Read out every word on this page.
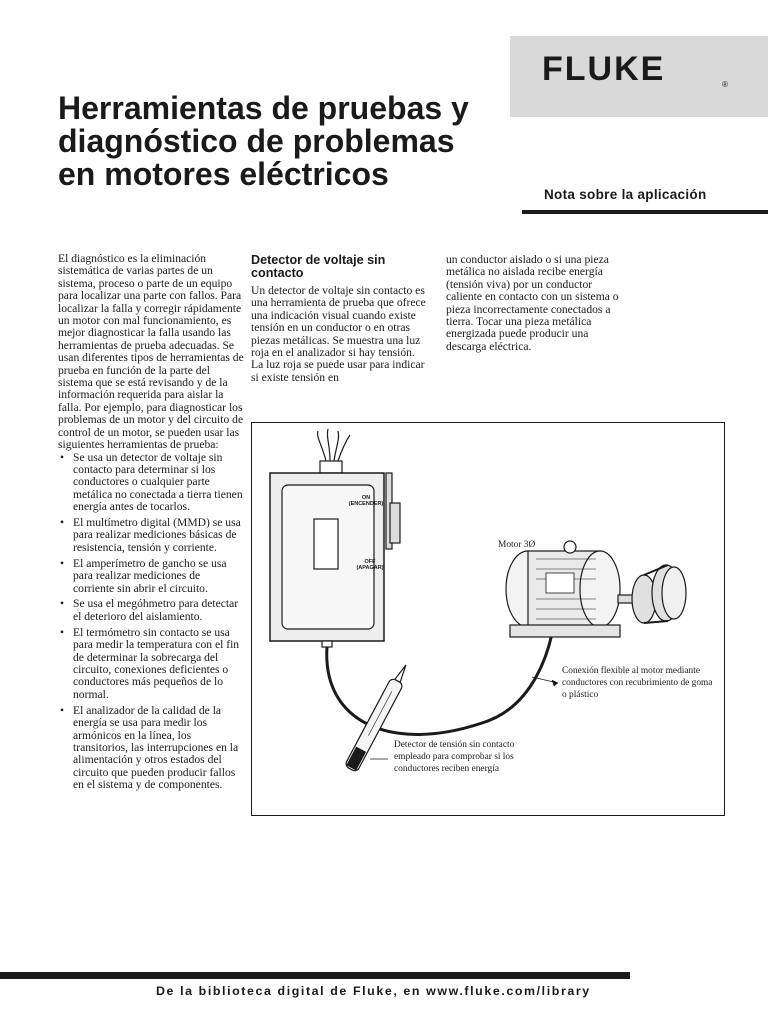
FLUKE	®
Herramientas de pruebas y diagnóstico de problemas en motores eléctricos
Nota sobre la aplicación

El diagnóstico es la eliminación sistemática de varias partes de un sistema, proceso o parte de un equipo para localizar una parte con fallos. Para localizar la falla y corregir rápidamente un motor con mal funcionamiento, es mejor diagnosticar la falla usando las herramientas de prueba adecuadas. Se usan diferentes tipos de herramientas de prueba en función de la parte del sistema que se está revisando y de la información requerida para aislar la falla. Por ejemplo, para diagnosticar los problemas de un motor y del circuito de control de un motor, se pueden usar las siguientes herramientas de prueba:

• Se usa un detector de voltaje sin contacto para determinar si los conductores o cualquier parte metálica no conectada a tierra tienen energía antes de tocarlos.
• El multímetro digital (MMD) se usa para realizar mediciones básicas de resistencia, tensión y corriente.
• El amperímetro de gancho se usa para realizar mediciones de corriente sin abrir el circuito.
• Se usa el megóhmetro para detectar el deterioro del aislamiento.
• El termómetro sin contacto se usa para medir la temperatura con el fin de determinar la sobrecarga del circuito, conexiones deficientes o conductores más pequeños de lo normal.
• El analizador de la calidad de la energía se usa para medir los armónicos en la línea, los transitorios, las interrupciones en la alimentación y otros estados del circuito que pueden producir fallos en el sistema y de componentes.

Detector de voltaje sin contacto

Un detector de voltaje sin contacto es una herramienta de prueba que ofrece una indicación visual cuando existe tensión en un conductor o en otras piezas metálicas. Se muestra una luz roja en el analizador si hay tensión. La luz roja se puede usar para indicar si existe tensión en

un conductor aislado o si una pieza metálica no aislada recibe energía (tensión viva) por un conductor caliente en contacto con un sistema o pieza incorrectamente conectados a tierra. Tocar una pieza metálica energizada puede producir una descarga eléctrica.

ON (ENCENDER)
OFF (APAGAR)
Motor 3Ø
Conexión flexible al motor mediante conductores con recubrimiento de goma o plástico
Detector de tensión sin contacto empleado para comprobar si los conductores reciben energía
De la biblioteca digital de Fluke, en www.fluke.com/library
